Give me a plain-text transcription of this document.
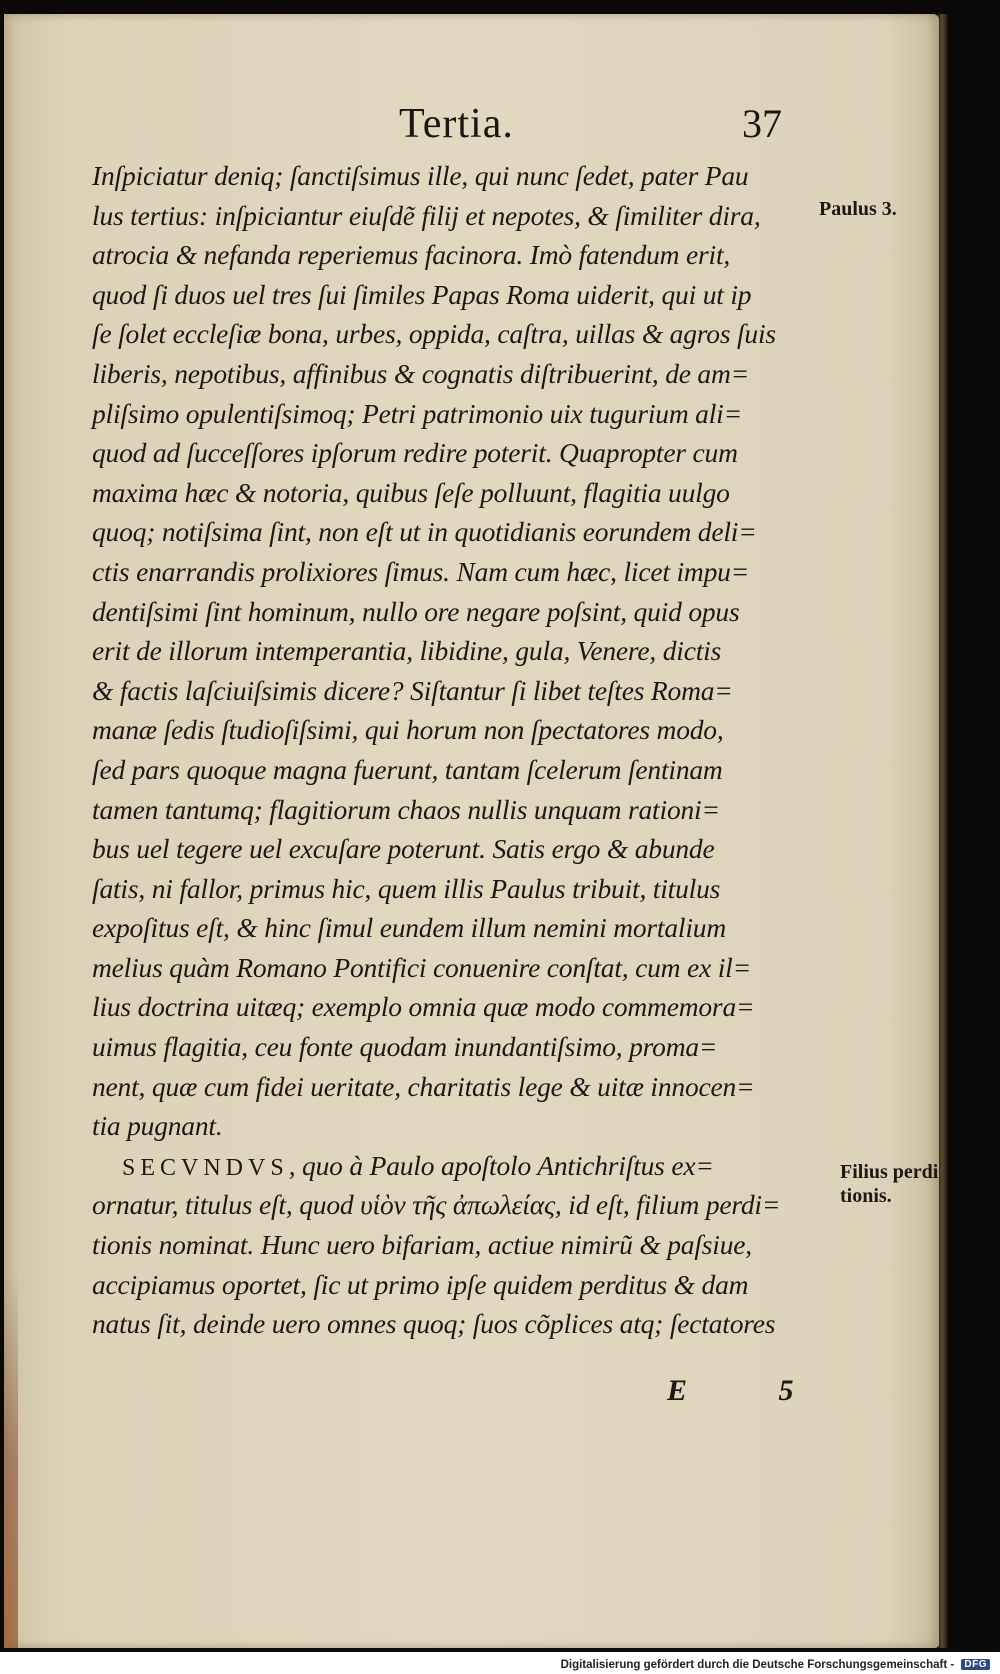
Tertia.	37
Inſpiciatur deniq; ſanctiſsimus ille, qui nunc ſedet, pater Pau
lus tertius: inſpiciantur eiuſdẽ filij et nepotes, & ſimiliter dira,
atrocia & nefanda reperiemus facinora. Imò fatendum erit,
quod ſi duos uel tres ſui ſimiles Papas Roma uiderit, qui ut ip
ſe ſolet eccleſiæ bona, urbes, oppida, caſtra, uillas & agros ſuis
liberis, nepotibus, affinibus & cognatis diſtribuerint, de am=
pliſsimo opulentiſsimoq; Petri patrimonio uix tugurium ali=
quod ad ſucceſſores ipſorum redire poterit. Quapropter cum
maxima hæc & notoria, quibus ſeſe polluunt, flagitia uulgo
quoq; notiſsima ſint, non eſt ut in quotidianis eorundem deli=
ctis enarrandis prolixiores ſimus. Nam cum hæc, licet impu=
dentiſsimi ſint hominum, nullo ore negare poſsint, quid opus
erit de illorum intemperantia, libidine, gula, Venere, dictis
& factis laſciuiſsimis dicere? Siſtantur ſi libet teſtes Roma=
manæ ſedis ſtudioſiſsimi, qui horum non ſpectatores modo,
ſed pars quoque magna fuerunt, tantam ſcelerum ſentinam
tamen tantumq; flagitiorum chaos nullis unquam rationi=
bus uel tegere uel excuſare poterunt. Satis ergo & abunde
ſatis, ni fallor, primus hic, quem illis Paulus tribuit, titulus
expoſitus eſt, & hinc ſimul eundem illum nemini mortalium
melius quàm Romano Pontifici conuenire conſtat, cum ex il=
lius doctrina uitæq; exemplo omnia quæ modo commemora=
uimus flagitia, ceu fonte quodam inundantiſsimo, proma=
nent, quæ cum fidei ueritate, charitatis lege & uitæ innocen=
tia pugnant.
SECVNDVS, quo à Paulo apoſtolo Antichriſtus ex=
ornatur, titulus eſt, quod υἱὸν τῆς ἀπωλείας, id eſt, filium perdi=
tionis nominat. Hunc uero bifariam, actiue nimirũ & paſsiue,
accipiamus oportet, ſic ut primo ipſe quidem perditus & dam
natus ſit, deinde uero omnes quoq; ſuos cõplices atq; ſectatores
Paulus 3.
Filius perdi tionis.
E 5
Digitalisierung gefördert durch die Deutsche Forschungsgemeinschaft - DFG
